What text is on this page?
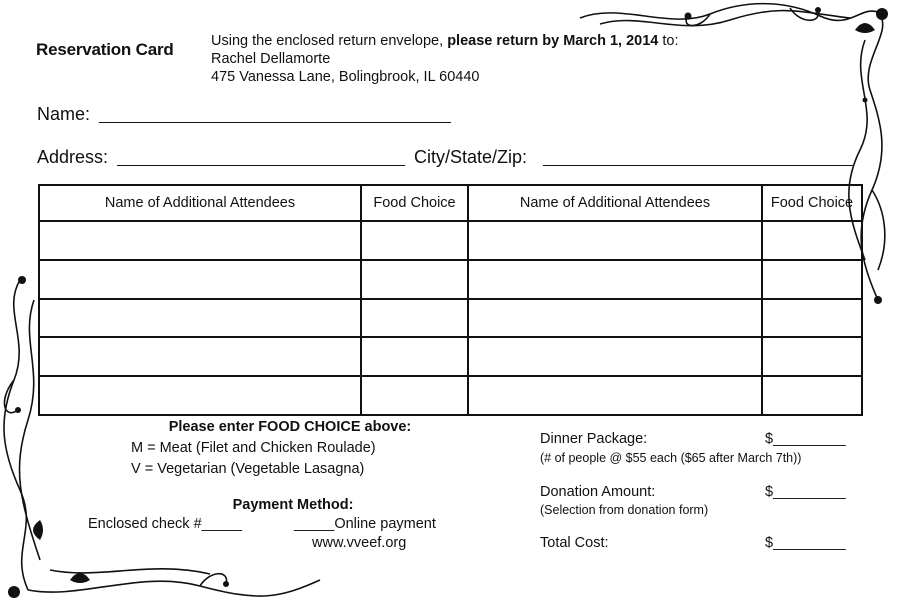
Reservation Card	Using the enclosed return envelope, please return by March 1, 2014 to:
Rachel Dellamorte
475 Vanessa Lane, Bolingbrook, IL 60440
Name:
Address:	City/State/Zip:
Name of Additional Attendees	Food Choice	Name of Additional Attendees	Food Choice

Please enter FOOD CHOICE above:
M = Meat (Filet and Chicken Roulade)
V = Vegetarian (Vegetable Lasagna)
Payment Method:
Enclosed check #_____	_____Online payment
www.vveef.org
Dinner Package:	$_________
(# of people @ $55 each ($65 after March 7th))
Donation Amount:	$_________
(Selection from donation form)
Total Cost:	$_________
